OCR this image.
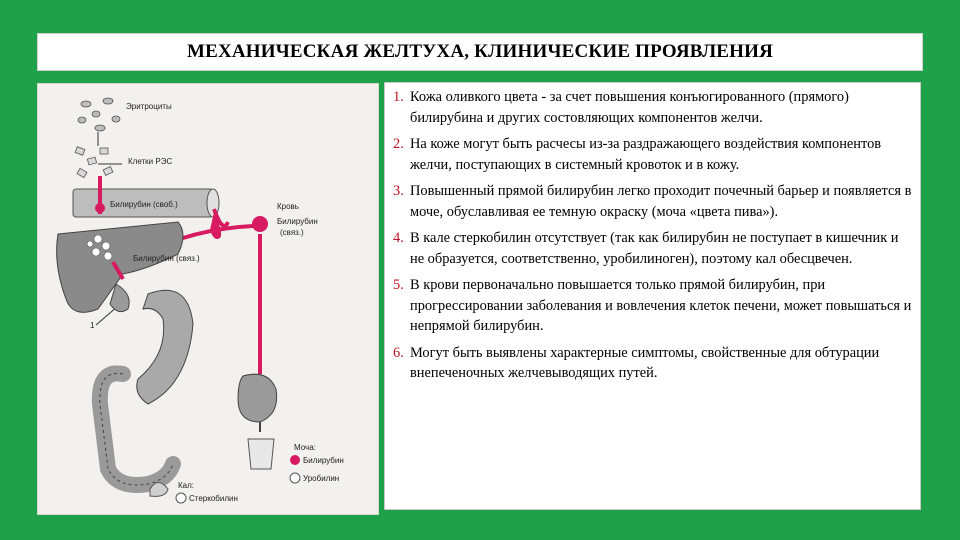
МЕХАНИЧЕСКАЯ ЖЕЛТУХА, КЛИНИЧЕСКИЕ ПРОЯВЛЕНИЯ
Эритроциты
Клетки РЭС
Билирубин (своб.)	Кровь
Билирубин
(связ.)
Билирубин (связ.)
1
Моча:
Билирубин
Уробилин
Кал:
Стеркобилин
1. Кожа оливкого цвета - за счет повышения конъюгированного (прямого) билирубина и других состовляющих компонентов желчи.
2. На коже могут быть расчесы из-за раздражающего воздействия компонентов желчи, поступающих в системный кровоток и в кожу.
3. Повышенный прямой билирубин легко проходит почечный барьер и появляется в моче, обуславливая ее темную окраску (моча «цвета пива»).
4. В кале стеркобилин отсутствует (так как билирубин не поступает в кишечник и не образуется, соответственно, уробилиноген), поэтому кал обесцвечен.
5. В крови первоначально повышается только прямой билирубин, при прогрессировании заболевания и вовлечения клеток печени, может повышаться и непрямой билирубин.
6. Могут быть выявлены характерные симптомы, свойственные для обтурации внепеченочных желчевыводящих путей.
